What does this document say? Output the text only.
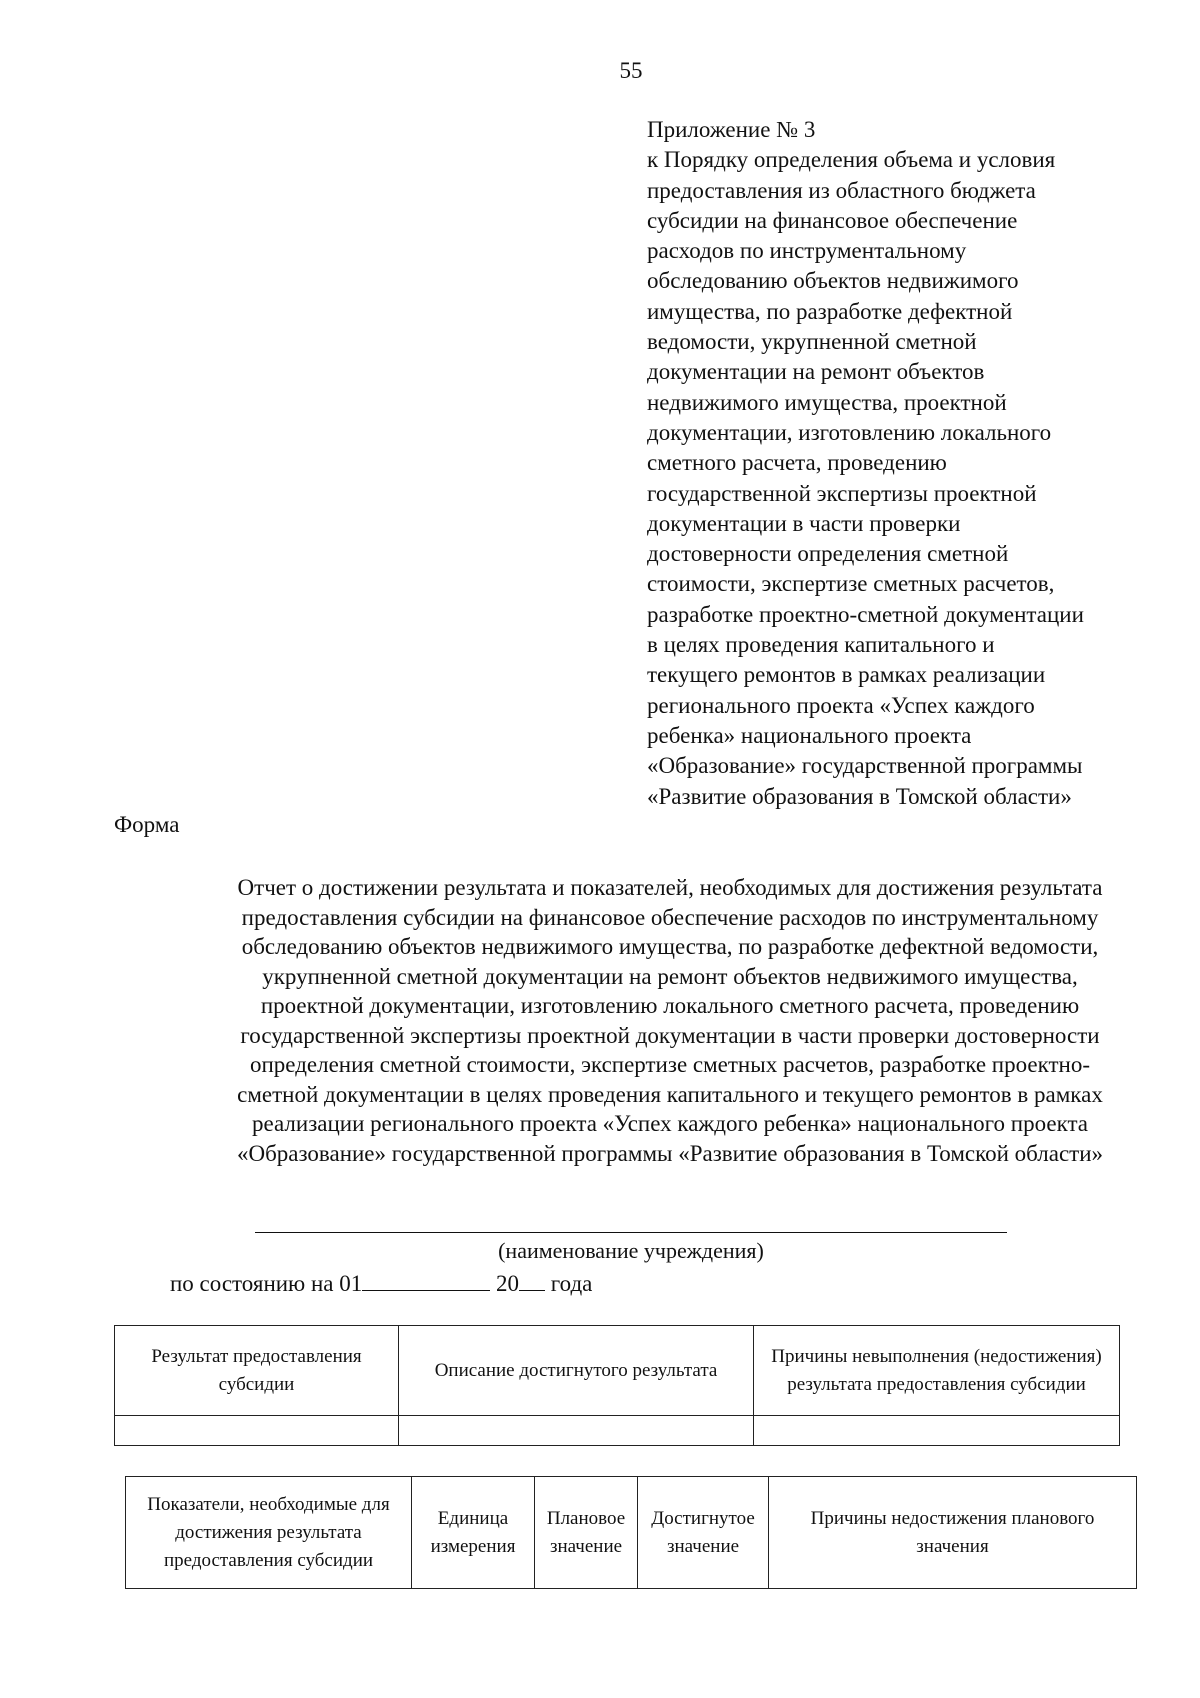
55
Приложение № 3
к Порядку определения объема и условия
предоставления из областного бюджета
субсидии на финансовое обеспечение
расходов по инструментальному
обследованию объектов недвижимого
имущества, по разработке дефектной
ведомости, укрупненной сметной
документации на ремонт объектов
недвижимого имущества, проектной
документации, изготовлению локального
сметного расчета, проведению
государственной экспертизы проектной
документации в части проверки
достоверности определения сметной
стоимости, экспертизе сметных расчетов,
разработке проектно-сметной документации
в целях проведения капитального и
текущего ремонтов в рамках реализации
регионального проекта «Успех каждого
ребенка» национального проекта
«Образование» государственной программы
«Развитие образования в Томской области»
Форма
Отчет о достижении результата и показателей, необходимых для достижения результата
предоставления субсидии на финансовое обеспечение расходов по инструментальному
обследованию объектов недвижимого имущества, по разработке дефектной ведомости,
укрупненной сметной документации на ремонт объектов недвижимого имущества,
проектной документации, изготовлению локального сметного расчета, проведению
государственной экспертизы проектной документации в части проверки достоверности
определения сметной стоимости, экспертизе сметных расчетов, разработке проектно-
сметной документации в целях проведения капитального и текущего ремонтов в рамках
реализации регионального проекта «Успех каждого ребенка» национального проекта
«Образование» государственной программы «Развитие образования в Томской области»
(наименование учреждения)
по состоянию на 01	20 года
Результат предоставления субсидии	Описание достигнутого результата	Причины невыполнения (недостижения) результата предоставления субсидии

Показатели, необходимые для достижения результата предоставления субсидии	Единица измерения	Плановое значение	Достигнутое значение	Причины недостижения планового значения
